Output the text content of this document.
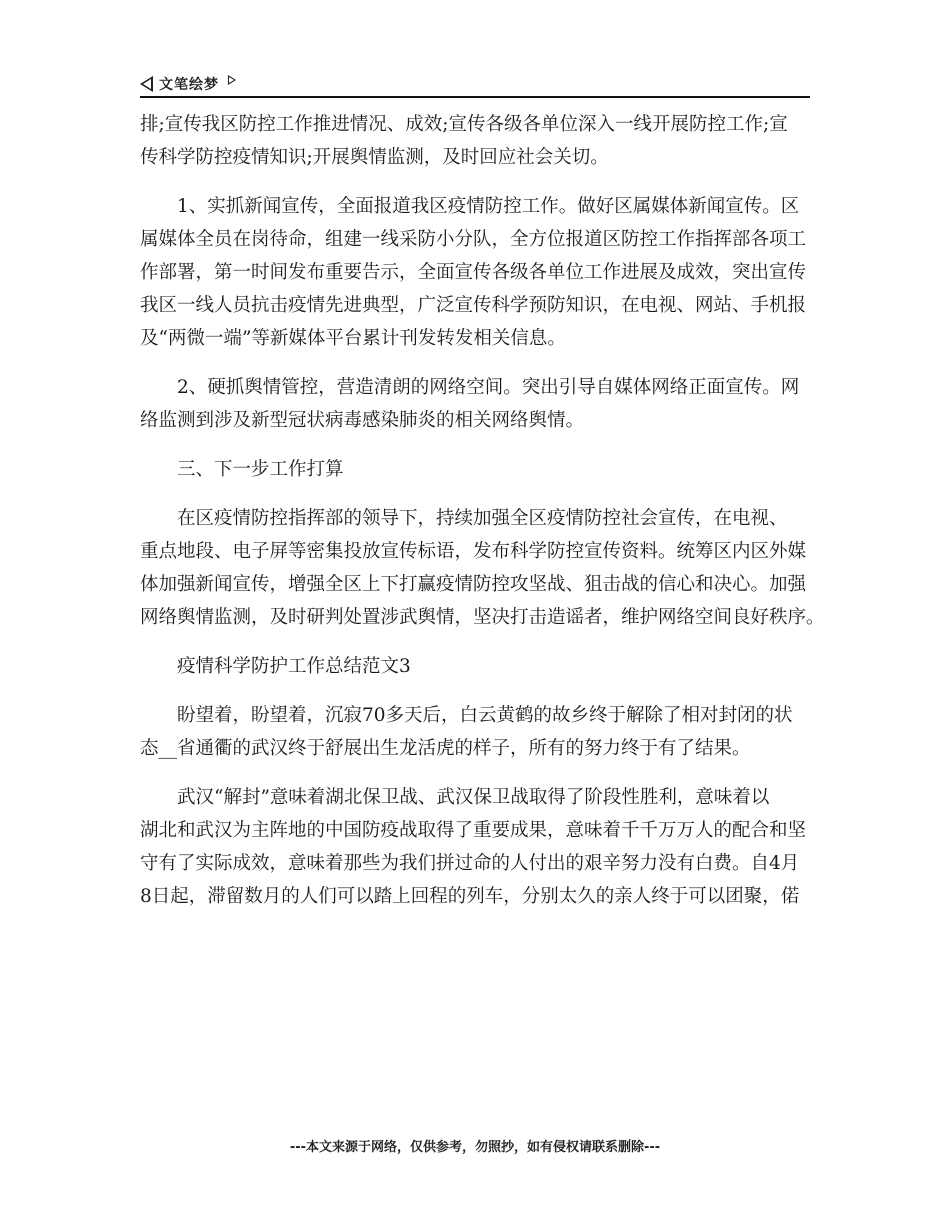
文笔绘梦
排;宣传我区防控工作推进情况、成效;宣传各级各单位深入一线开展防控工作;宣
传科学防控疫情知识;开展舆情监测，及时回应社会关切。
1、实抓新闻宣传，全面报道我区疫情防控工作。做好区属媒体新闻宣传。区
属媒体全员在岗待命，组建一线采防小分队，全方位报道区防控工作指挥部各项工
作部署，第一时间发布重要告示，全面宣传各级各单位工作进展及成效，突出宣传
我区一线人员抗击疫情先进典型，广泛宣传科学预防知识，在电视、网站、手机报
及“两微一端”等新媒体平台累计刊发转发相关信息。
2、硬抓舆情管控，营造清朗的网络空间。突出引导自媒体网络正面宣传。网
络监测到涉及新型冠状病毒感染肺炎的相关网络舆情。
三、下一步工作打算
在区疫情防控指挥部的领导下，持续加强全区疫情防控社会宣传，在电视、
重点地段、电子屏等密集投放宣传标语，发布科学防控宣传资料。统筹区内区外媒
体加强新闻宣传，增强全区上下打赢疫情防控攻坚战、狙击战的信心和决心。加强
网络舆情监测，及时研判处置涉武舆情，坚决打击造谣者，维护网络空间良好秩序。
疫情科学防护工作总结范文3
盼望着，盼望着，沉寂70多天后，白云黄鹤的故乡终于解除了相对封闭的状
态__省通衢的武汉终于舒展出生龙活虎的样子，所有的努力终于有了结果。
武汉“解封”意味着湖北保卫战、武汉保卫战取得了阶段性胜利，意味着以
湖北和武汉为主阵地的中国防疫战取得了重要成果，意味着千千万万人的配合和坚
守有了实际成效，意味着那些为我们拼过命的人付出的艰辛努力没有白费。自4月
8日起，滞留数月的人们可以踏上回程的列车，分别太久的亲人终于可以团聚，偌
---本文来源于网络，仅供参考，勿照抄，如有侵权请联系删除---
